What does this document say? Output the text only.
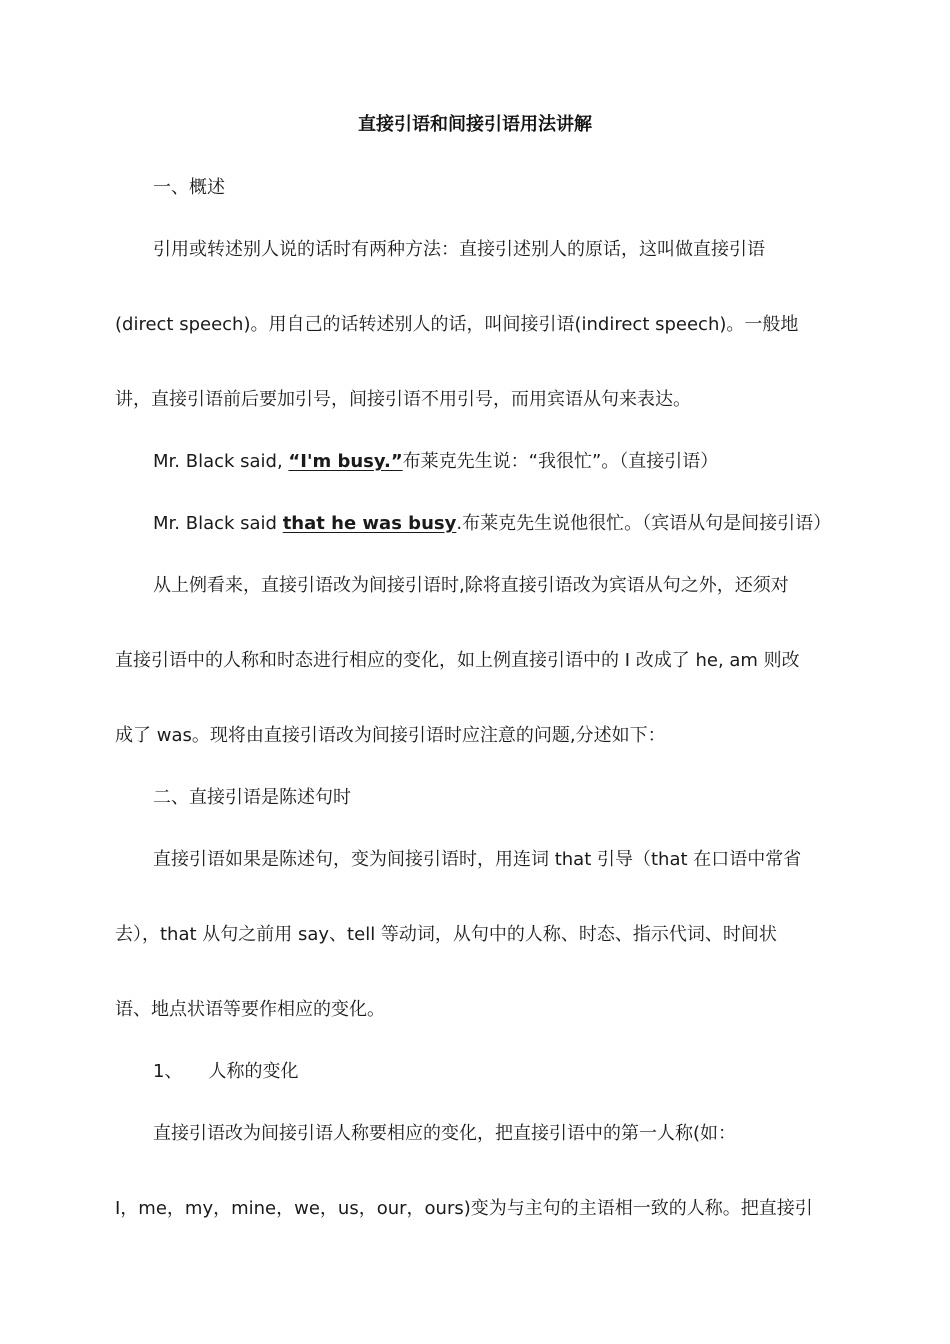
直接引语和间接引语用法讲解
一、概述
引用或转述别人说的话时有两种方法：直接引述别人的原话，这叫做直接引语
(direct speech)。用自己的话转述别人的话，叫间接引语(indirect speech)。一般地
讲，直接引语前后要加引号，间接引语不用引号，而用宾语从句来表达。
Mr. Black said, “I'm busy.”布莱克先生说：“我很忙”。（直接引语）
Mr. Black said that he was busy.布莱克先生说他很忙。（宾语从句是间接引语）
从上例看来，直接引语改为间接引语时,除将直接引语改为宾语从句之外，还须对
直接引语中的人称和时态进行相应的变化，如上例直接引语中的 I 改成了 he, am 则改
成了 was。现将由直接引语改为间接引语时应注意的问题,分述如下：
二、直接引语是陈述句时
直接引语如果是陈述句，变为间接引语时，用连词 that 引导（that 在口语中常省
去），that 从句之前用 say、tell 等动词，从句中的人称、时态、指示代词、时间状
语、地点状语等要作相应的变化。
1、 人称的变化
直接引语改为间接引语人称要相应的变化，把直接引语中的第一人称(如：
I，me，my，mine，we，us，our，ours)变为与主句的主语相一致的人称。把直接引
